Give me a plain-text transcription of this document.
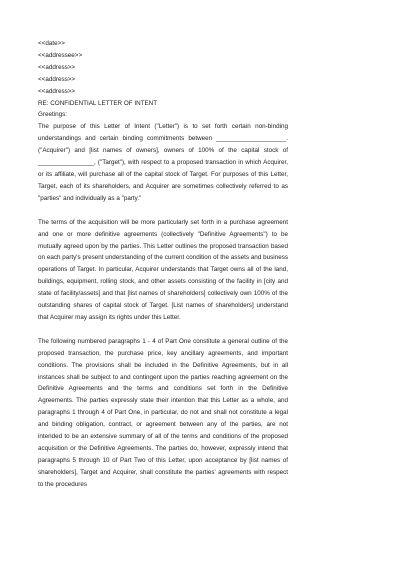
<<date>>

<<addressee>>

<<address>>

<<address>>

<<address>>

RE: CONFIDENTIAL LETTER OF INTENT

Greetings:

The purpose of this Letter of Intent ("Letter") is to set forth certain non-binding understandings and certain binding commitments between ____________________. ("Acquirer") and [list names of owners], owners of 100% of the capital stock of ________________, ("Target"), with respect to a proposed transaction in which Acquirer, or its affiliate, will purchase all of the capital stock of Target. For purposes of this Letter, Target, each of its shareholders, and Acquirer are sometimes collectively referred to as "parties" and individually as a "party."

The terms of the acquisition will be more particularly set forth in a purchase agreement and one or more definitive agreements (collectively "Definitive Agreements") to be mutually agreed upon by the parties. This Letter outlines the proposed transaction based on each party's present understanding of the current condition of the assets and business operations of Target. In particular, Acquirer understands that Target owns all of the land, buildings, equipment, rolling stock, and other assets consisting of the facility in [city and state of facility/assets] and that [list names of shareholders] collectively own 100% of the outstanding shares of capital stock of Target. [List names of shareholders] understand that Acquirer may assign its rights under this Letter.

The following numbered paragraphs 1 - 4 of Part One constitute a general outline of the proposed transaction, the purchase price, key ancillary agreements, and important conditions. The provisions shall be included in the Definitive Agreements, but in all instances shall be subject to and contingent upon the parties reaching agreement on the Definitive Agreements and the terms and conditions set forth in the Definitive Agreements. The parties expressly state their intention that this Letter as a whole, and paragraphs 1 through 4 of Part One, in particular, do not and shall not constitute a legal and binding obligation, contract, or agreement between any of the parties, are not intended to be an extensive summary of all of the terms and conditions of the proposed acquisition or the Definitive Agreements. The parties do, however, expressly intend that paragraphs 5 through 10 of Part Two of this Letter, upon acceptance by [list names of shareholders], Target and Acquirer, shall constitute the parties' agreements with respect to the procedures
